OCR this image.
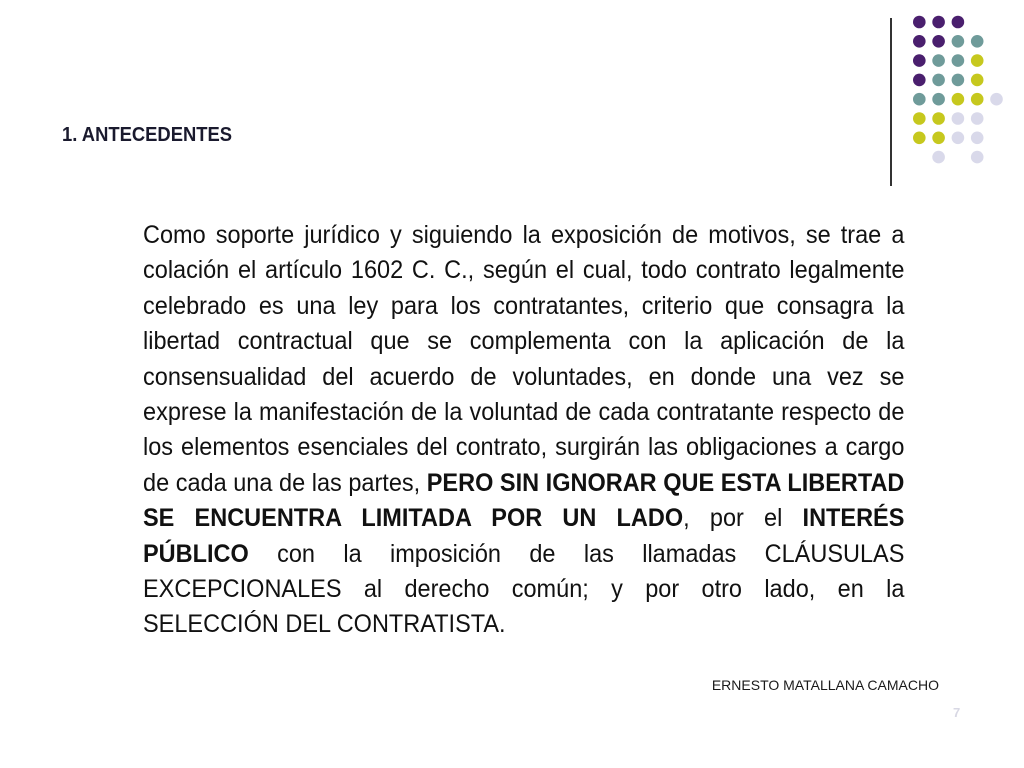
1. ANTECEDENTES
Como soporte jurídico y siguiendo la exposición de motivos, se trae a colación el artículo 1602 C. C., según el cual, todo contrato legalmente celebrado es una ley para los contratantes, criterio que consagra la libertad contractual que se complementa con la aplicación de la consensualidad del acuerdo de voluntades, en donde una vez se exprese la manifestación de la voluntad de cada contratante respecto de los elementos esenciales del contrato, surgirán las obligaciones a cargo de cada una de las partes, PERO SIN IGNORAR QUE ESTA LIBERTAD SE ENCUENTRA LIMITADA POR UN LADO, por el INTERÉS PÚBLICO con la imposición de las llamadas CLÁUSULAS EXCEPCIONALES al derecho común; y por otro lado, en la SELECCIÓN DEL CONTRATISTA.
ERNESTO MATALLANA CAMACHO
7
